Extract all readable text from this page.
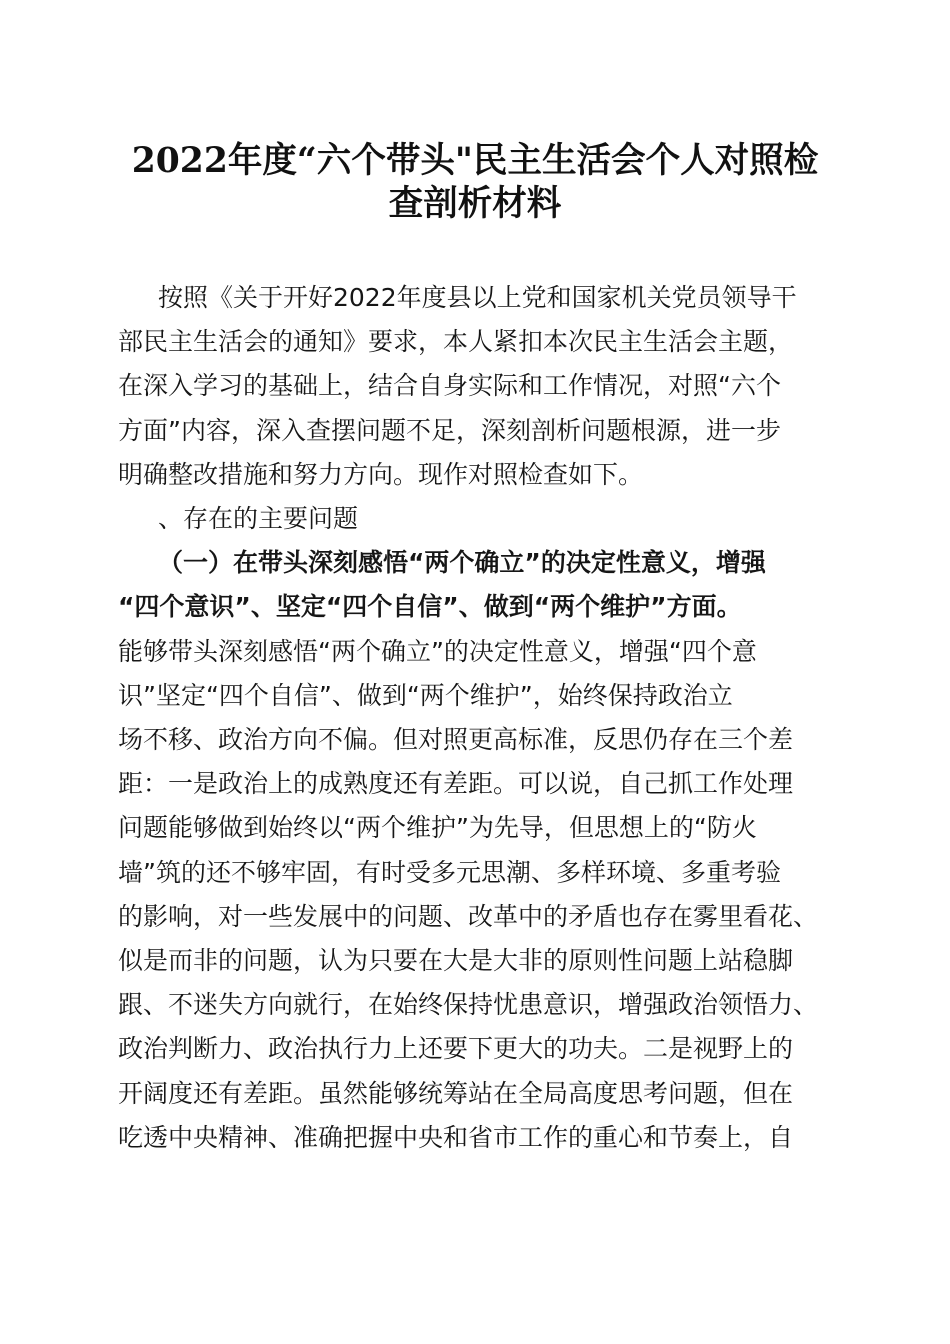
2022年度“六个带头"民主生活会个人对照检
查剖析材料

按照《关于开好2022年度县以上党和国家机关党员领导干

部民主生活会的通知》要求，本人紧扣本次民主生活会主题，

在深入学习的基础上，结合自身实际和工作情况，对照“六个

方面”内容，深入查摆问题不足，深刻剖析问题根源，进一步

明确整改措施和努力方向。现作对照检查如下。

、存在的主要问题

（一）在带头深刻感悟“两个确立”的决定性意义，增强

“四个意识”、坚定“四个自信”、做到“两个维护”方面。

能够带头深刻感悟“两个确立”的决定性意义，增强“四个意

识”坚定“四个自信”、做到“两个维护”，始终保持政治立

场不移、政治方向不偏。但对照更高标准，反思仍存在三个差

距：一是政治上的成熟度还有差距。可以说，自己抓工作处理

问题能够做到始终以“两个维护”为先导，但思想上的“防火

墙”筑的还不够牢固，有时受多元思潮、多样环境、多重考验

的影响，对一些发展中的问题、改革中的矛盾也存在雾里看花、

似是而非的问题，认为只要在大是大非的原则性问题上站稳脚

跟、不迷失方向就行，在始终保持忧患意识，增强政治领悟力、

政治判断力、政治执行力上还要下更大的功夫。二是视野上的

开阔度还有差距。虽然能够统筹站在全局高度思考问题，但在

吃透中央精神、准确把握中央和省市工作的重心和节奏上，自
